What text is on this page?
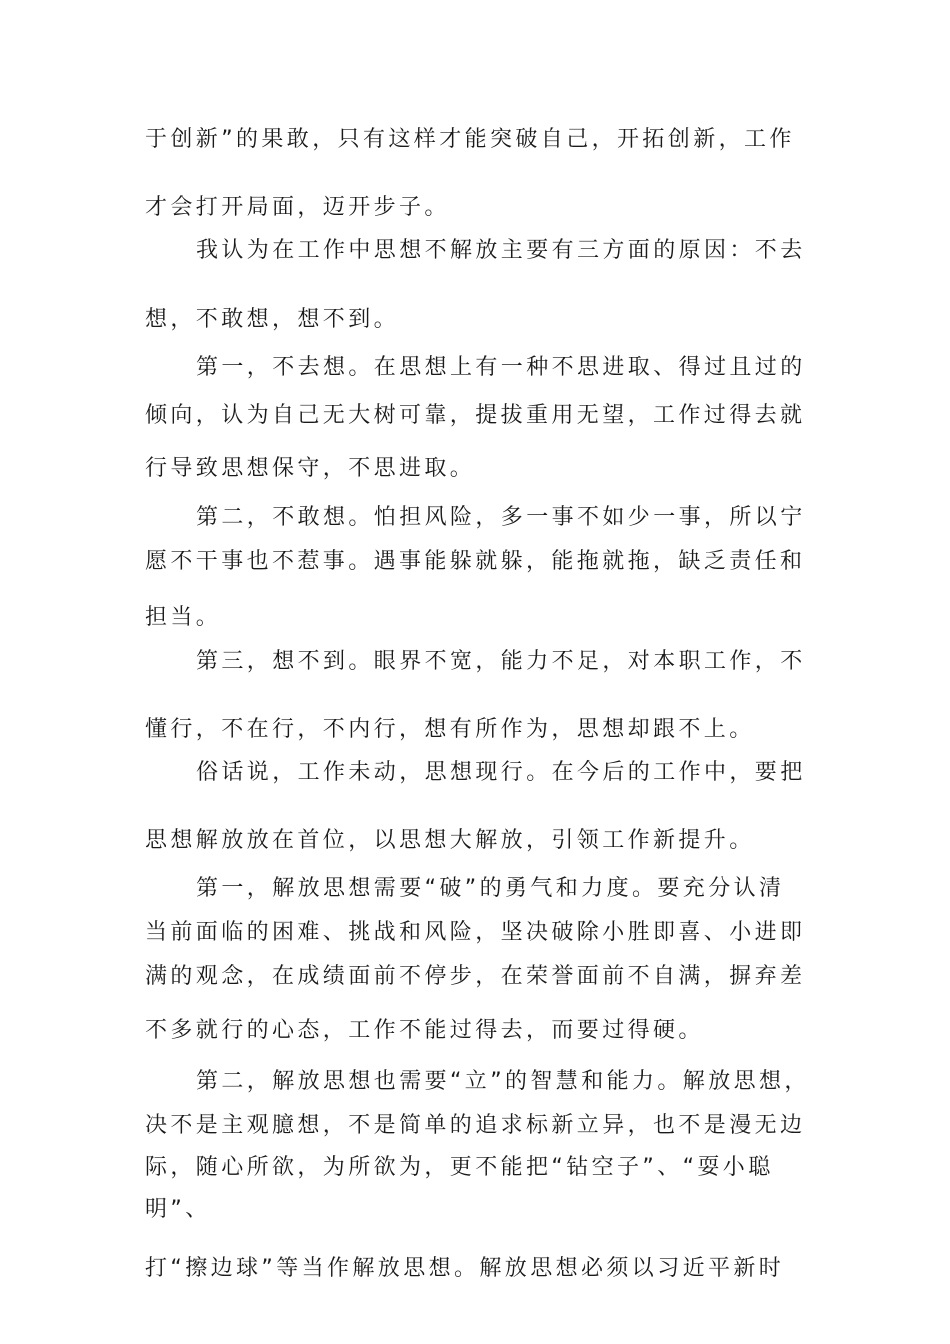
于创新”的果敢，只有这样才能突破自己，开拓创新，工作
才会打开局面，迈开步子。
我认为在工作中思想不解放主要有三方面的原因：不去
想，不敢想，想不到。
第一，不去想。在思想上有一种不思进取、得过且过的
倾向，认为自己无大树可靠，提拔重用无望，工作过得去就
行导致思想保守，不思进取。
第二，不敢想。怕担风险，多一事不如少一事，所以宁
愿不干事也不惹事。遇事能躲就躲，能拖就拖，缺乏责任和
担当。
第三，想不到。眼界不宽，能力不足，对本职工作，不
懂行，不在行，不内行，想有所作为，思想却跟不上。
俗话说，工作未动，思想现行。在今后的工作中，要把
思想解放放在首位，以思想大解放，引领工作新提升。
第一，解放思想需要“破”的勇气和力度。要充分认清
当前面临的困难、挑战和风险，坚决破除小胜即喜、小进即
满的观念，在成绩面前不停步，在荣誉面前不自满，摒弃差
不多就行的心态，工作不能过得去，而要过得硬。
第二，解放思想也需要“立”的智慧和能力。解放思想，
决不是主观臆想，不是简单的追求标新立异，也不是漫无边
际，随心所欲，为所欲为，更不能把“钻空子”、“耍小聪
明”、
打“擦边球”等当作解放思想。解放思想必须以习近平新时
